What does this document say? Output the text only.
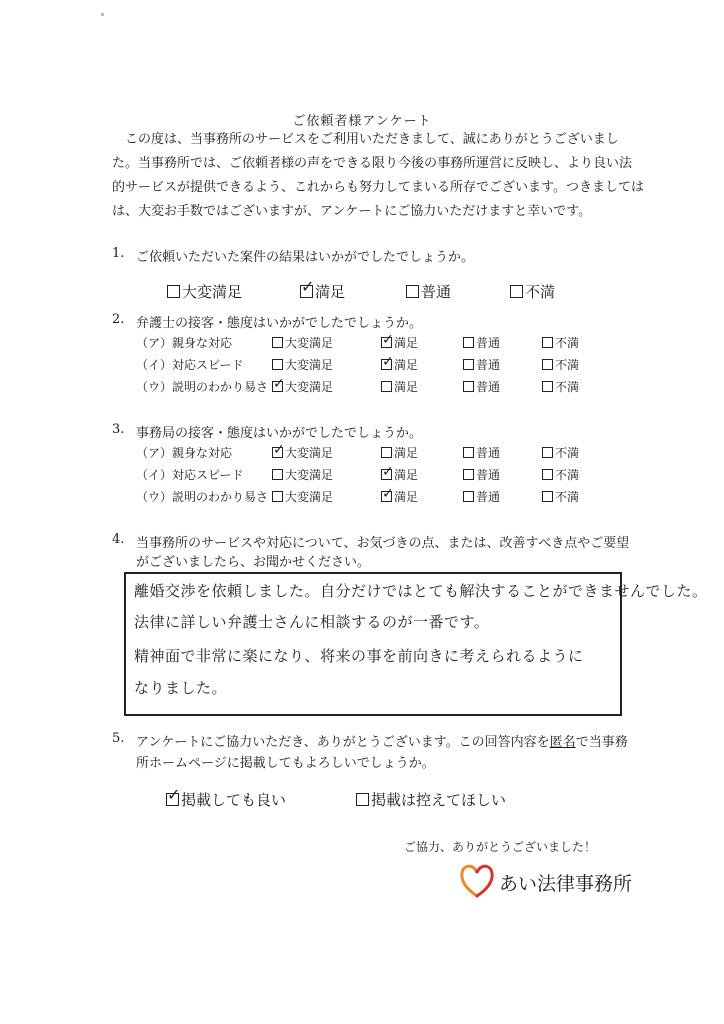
ご依頼者様アンケート
　この度は、当事務所のサービスをご利用いただきまして、誠にありがとうございまし
た。当事務所では、ご依頼者様の声をできる限り今後の事務所運営に反映し、より良い法
的サービスが提供できるよう、これからも努力してまいる所存でございます。つきましては
は、大変お手数ではございますが、アンケートにご協力いただけますと幸いです。
1. ご依頼いただいた案件の結果はいかがでしたでしょうか。
大変満足	✓ 満足	普通	不満
2. 弁護士の接客・態度はいかがでしたでしょうか。
（ア）親身な対応	大変満足	✓ 満足	普通	不満
（イ）対応スピード	大変満足	✓ 満足	普通	不満
（ウ）説明のわかり易さ ✓ 大変満足	満足	普通	不満
3. 事務局の接客・態度はいかがでしたでしょうか。
（ア）親身な対応	✓ 大変満足	満足	普通	不満
（イ）対応スピード	大変満足	✓ 満足	普通	不満
（ウ）説明のわかり易さ	大変満足	✓ 満足	普通	不満
4. 当事務所のサービスや対応について、お気づきの点、または、改善すべき点やご要望
がございましたら、お聞かせください。
離婚交渉を依頼しました。自分だけではとても解決することができませんでした。
法律に詳しい弁護士さんに相談するのが一番です。
精神面で非常に楽になり、将来の事を前向きに考えられるように
なりました。
5. アンケートにご協力いただき、ありがとうございます。この回答内容を匿名で当事務
所ホームページに掲載してもよろしいでしょうか。
✓ 掲載しても良い	掲載は控えてほしい
ご協力、ありがとうございました！
あい法律事務所
